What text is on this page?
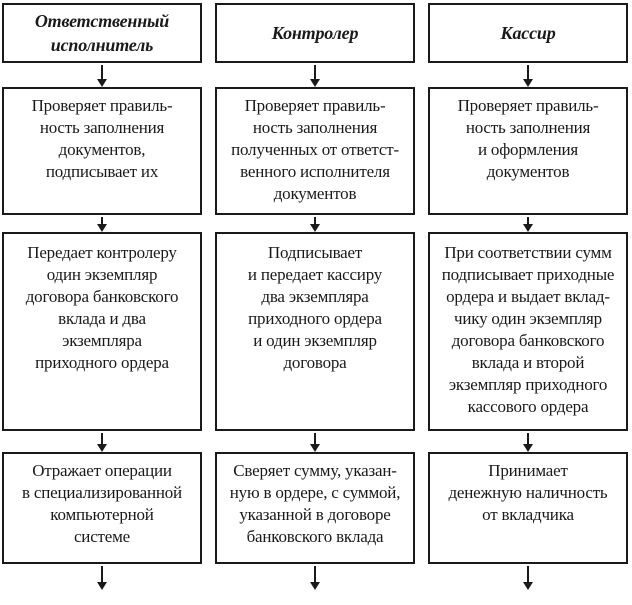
Ответственный
исполнитель
Проверяет правиль-
ность заполнения
документов,
подписывает их
Передает контролеру
один экземпляр
договора банковского
вклада и два
экземпляра
приходного ордера
Отражает операции
в специализированной
компьютерной
системе
Контролер
Проверяет правиль-
ность заполнения
полученных от ответст-
венного исполнителя
документов
Подписывает
и передает кассиру
два экземпляра
приходного ордера
и один экземпляр
договора
Сверяет сумму, указан-
ную в ордере, с суммой,
указанной в договоре
банковского вклада
Кассир
Проверяет правиль-
ность заполнения
и оформления
документов
При соответствии сумм
подписывает приходные
ордера и выдает вклад-
чику один экземпляр
договора банковского
вклада и второй
экземпляр приходного
кассового ордера
Принимает
денежную наличность
от вкладчика
